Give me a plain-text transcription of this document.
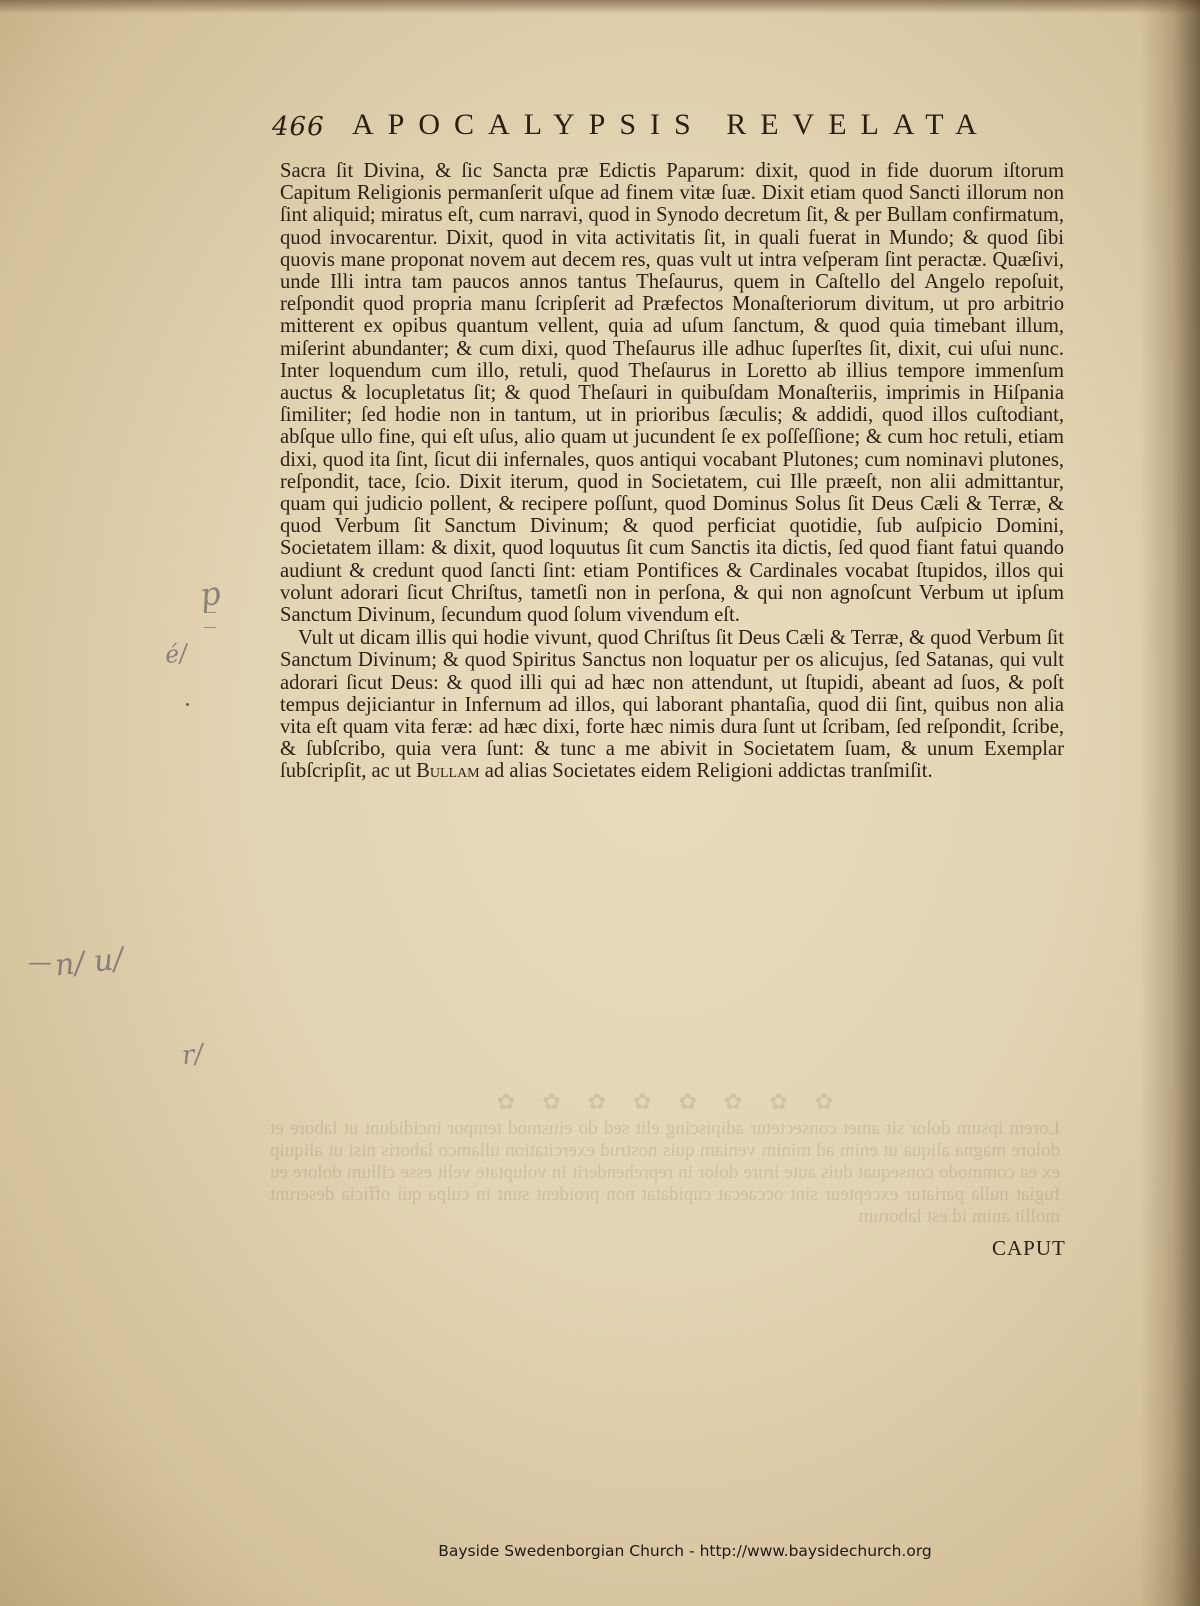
466 APOCALYPSIS REVELATA

Sacra ſit Divina, & ſic Sancta præ Edictis Paparum: dixit, quod in fide duorum iſtorum Capitum Religionis permanſerit uſque ad finem vitæ ſuæ. Dixit etiam quod Sancti illorum non ſint aliquid; miratus eſt, cum narravi, quod in Synodo decretum ſit, & per Bullam confirmatum, quod invocarentur. Dixit, quod in vita activitatis ſit, in quali fuerat in Mundo; & quod ſibi quovis mane proponat novem aut decem res, quas vult ut intra veſperam ſint peractæ. Quæſivi, unde Illi intra tam paucos annos tantus Theſaurus, quem in Caſtello del Angelo repoſuit, reſpondit quod propria manu ſcripſerit ad Præfectos Monaſteriorum divitum, ut pro arbitrio mitterent ex opibus quantum vellent, quia ad uſum ſanctum, & quod quia timebant illum, miſerint abundanter; & cum dixi, quod Theſaurus ille adhuc ſuperſtes ſit, dixit, cui uſui nunc. Inter loquendum cum illo, retuli, quod Theſaurus in Loretto ab illius tempore immenſum auctus & locupletatus ſit; & quod Theſauri in quibuſdam Monaſteriis, imprimis in Hiſpania ſimiliter; ſed hodie non in tantum, ut in prioribus ſæculis; & addidi, quod illos cuſtodiant, abſque ullo fine, qui eſt uſus, alio quam ut jucundent ſe ex poſſeſſione; & cum hoc retuli, etiam dixi, quod ita ſint, ſicut dii infernales, quos antiqui vocabant Plutones; cum nominavi plutones, reſpondit, tace, ſcio. Dixit iterum, quod in Societatem, cui Ille præeſt, non alii admittantur, quam qui judicio pollent, & recipere poſſunt, quod Dominus Solus ſit Deus Cæli & Terræ, & quod Verbum ſit Sanctum Divinum; & quod perficiat quotidie, ſub auſpicio Domini, Societatem illam: & dixit, quod loquutus ſit cum Sanctis ita dictis, ſed quod fiant fatui quando audiunt & credunt quod ſancti ſint: etiam Pontifices & Cardinales vocabat ſtupidos, illos qui volunt adorari ſicut Chriſtus, tametſi non in perſona, & qui non agnoſcunt Verbum ut ipſum Sanctum Divinum, ſecundum quod ſolum vivendum eſt.

Vult ut dicam illis qui hodie vivunt, quod Chriſtus ſit Deus Cæli & Terræ, & quod Verbum ſit Sanctum Divinum; & quod Spiritus Sanctus non loquatur per os alicujus, ſed Satanas, qui vult adorari ſicut Deus: & quod illi qui ad hæc non attendunt, ut ſtupidi, abeant ad ſuos, & poſt tempus dejiciantur in Infernum ad illos, qui laborant phantaſia, quod dii ſint, quibus non alia vita eſt quam vita feræ: ad hæc dixi, forte hæc nimis dura ſunt ut ſcribam, ſed reſpondit, ſcribe, & ſubſcribo, quia vera ſunt: & tunc a me abivit in Societatem ſuam, & unum Exemplar ſubſcripſit, ac ut Bullam ad alias Societates eidem Religioni addictas tranſmiſit.

✿ ✿ ✿ ✿ ✿ ✿ ✿ ✿
Lorem ipsum dolor sit amet consectetur adipiscing elit sed do eiusmod tempor incididunt ut labore et dolore magna aliqua ut enim ad minim veniam quis nostrud exercitation ullamco laboris nisi ut aliquip ex ea commodo consequat duis aute irure dolor in reprehenderit in voluptate velit esse cillum dolore eu fugiat nulla pariatur excepteur sint occaecat cupidatat non proident sunt in culpa qui officia deserunt mollit anim id est laborum
CAPUT
p
é/
— n/ u/
r/
Bayside Swedenborgian Church - http://www.baysidechurch.org
